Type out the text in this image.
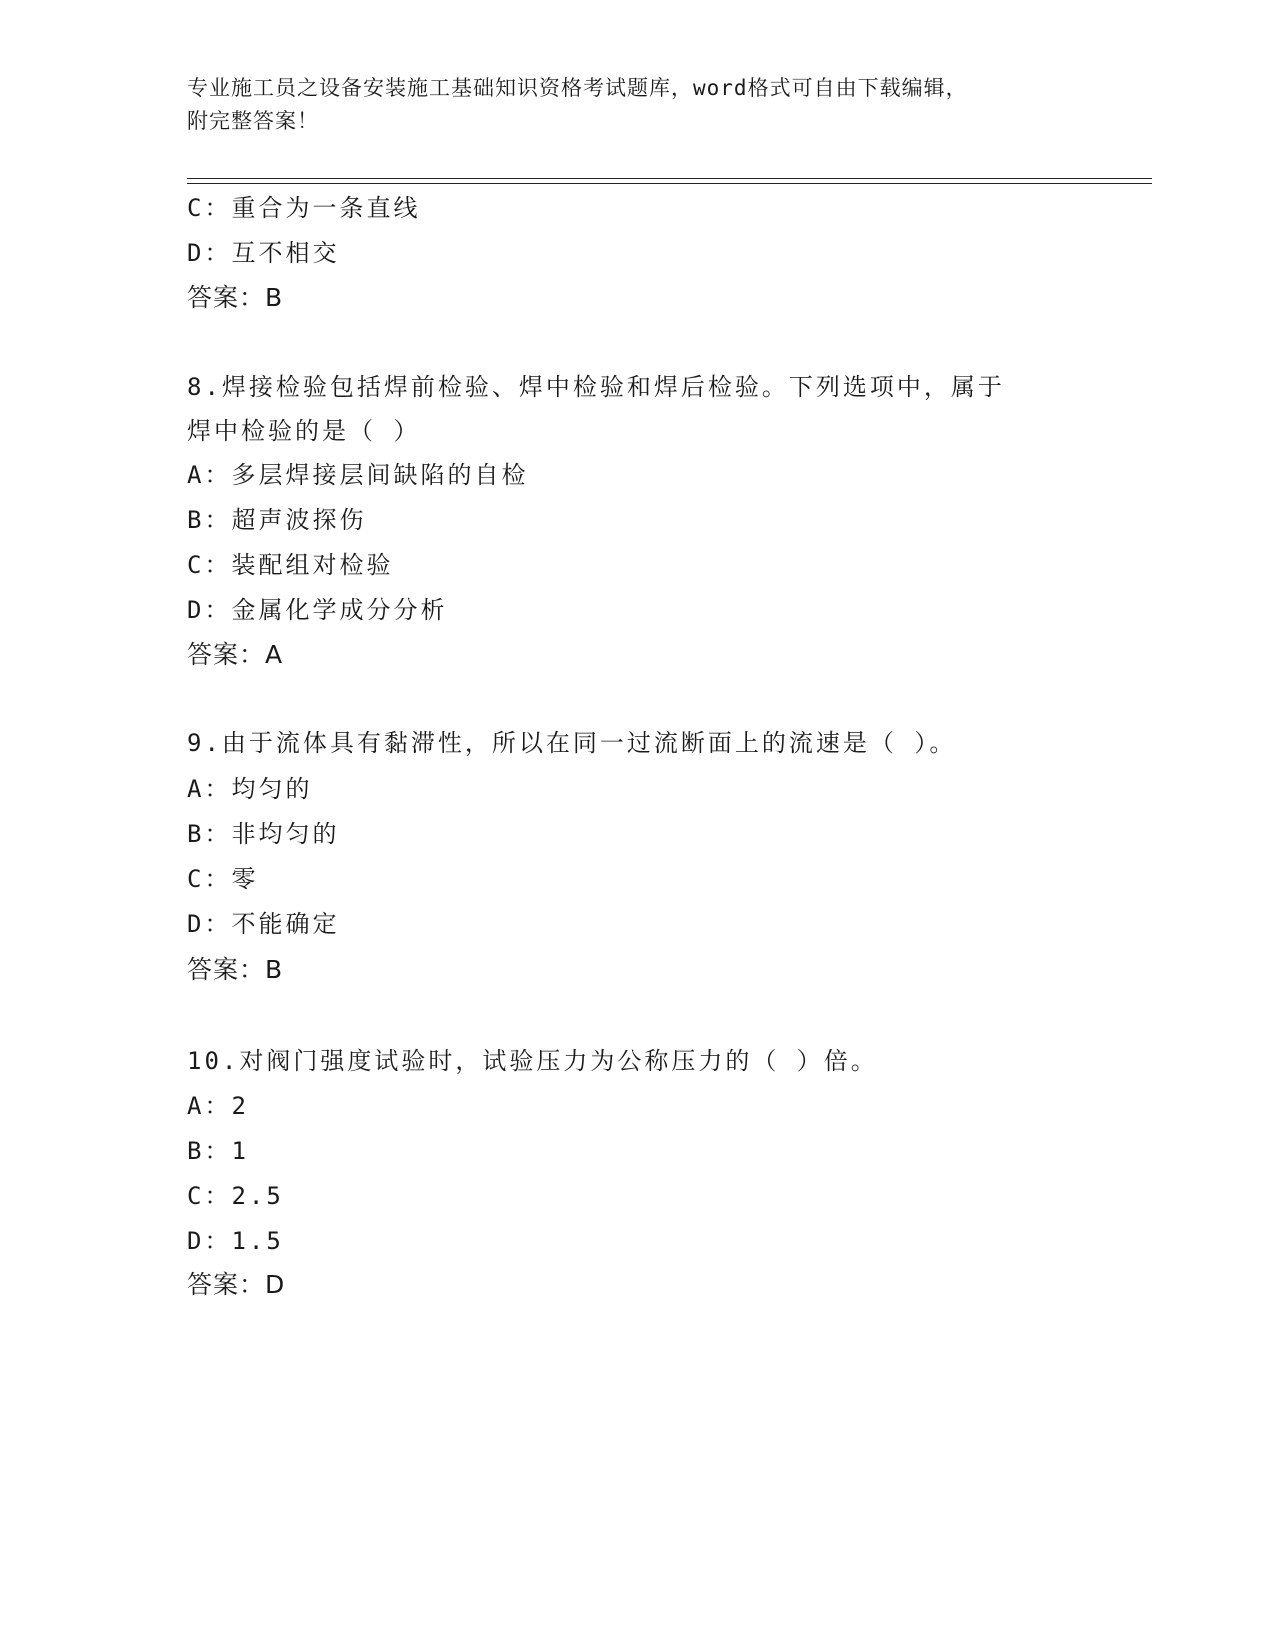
专业施工员之设备安装施工基础知识资格考试题库，word格式可自由下载编辑，
附完整答案！
C：重合为一条直线
D：互不相交
答案：B
8.焊接检验包括焊前检验、焊中检验和焊后检验。下列选项中，属于
焊中检验的是（ ）
A：多层焊接层间缺陷的自检
B：超声波探伤
C：装配组对检验
D：金属化学成分分析
答案：A
9.由于流体具有黏滞性，所以在同一过流断面上的流速是（ ）。
A：均匀的
B：非均匀的
C：零
D：不能确定
答案：B
10.对阀门强度试验时，试验压力为公称压力的（ ）倍。
A：2
B：1
C：2.5
D：1.5
答案：D
